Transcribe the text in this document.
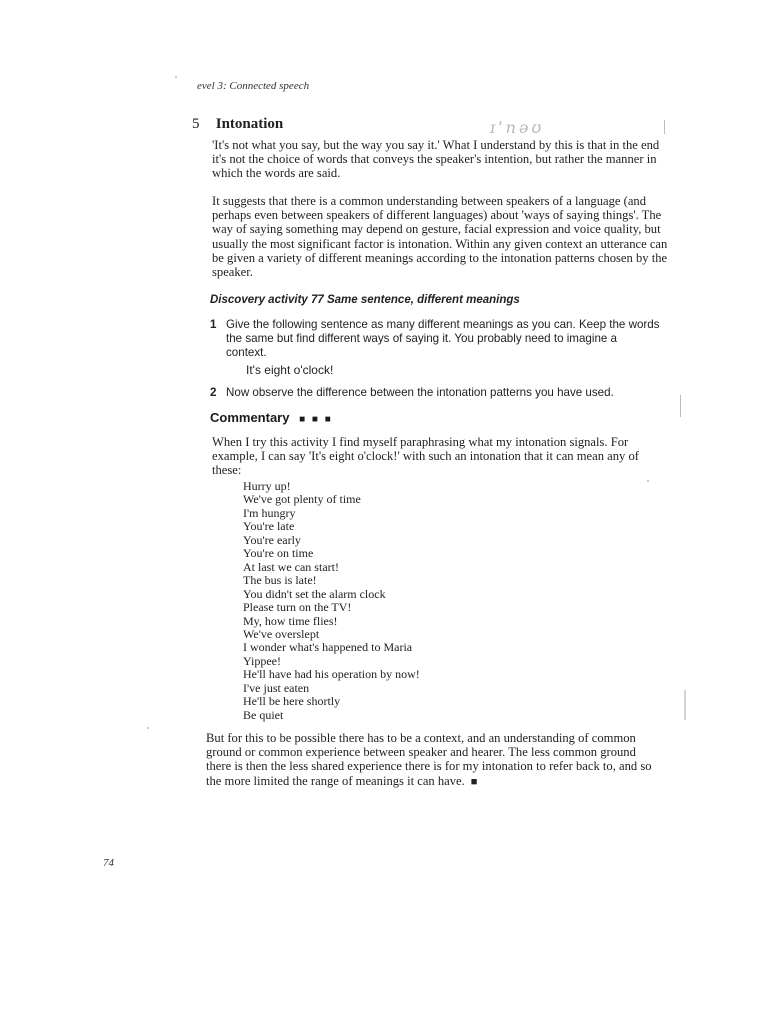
evel 3: Connected speech
5 Intonation	ɪˈnəʊ
'It's not what you say, but the way you say it.' What I understand by this is that in the end it's not the choice of words that conveys the speaker's intention, but rather the manner in which the words are said.
It suggests that there is a common understanding between speakers of a language (and perhaps even between speakers of different languages) about 'ways of saying things'. The way of saying something may depend on gesture, facial expression and voice quality, but usually the most significant factor is intonation. Within any given context an utterance can be given a variety of different meanings according to the intonation patterns chosen by the speaker.
Discovery activity 77 Same sentence, different meanings
1 Give the following sentence as many different meanings as you can. Keep the words the same but find different ways of saying it. You probably need to imagine a context.
It's eight o'clock!
2 Now observe the difference between the intonation patterns you have used.
Commentary ■ ■ ■
When I try this activity I find myself paraphrasing what my intonation signals. For example, I can say 'It's eight o'clock!' with such an intonation that it can mean any of these:
Hurry up!
We've got plenty of time
I'm hungry
You're late
You're early
You're on time
At last we can start!
The bus is late!
You didn't set the alarm clock
Please turn on the TV!
My, how time flies!
We've overslept
I wonder what's happened to Maria
Yippee!
He'll have had his operation by now!
I've just eaten
He'll be here shortly
Be quiet
But for this to be possible there has to be a context, and an understanding of common ground or common experience between speaker and hearer. The less common ground there is then the less shared experience there is for my intonation to refer back to, and so the more limited the range of meanings it can have. ■
74
